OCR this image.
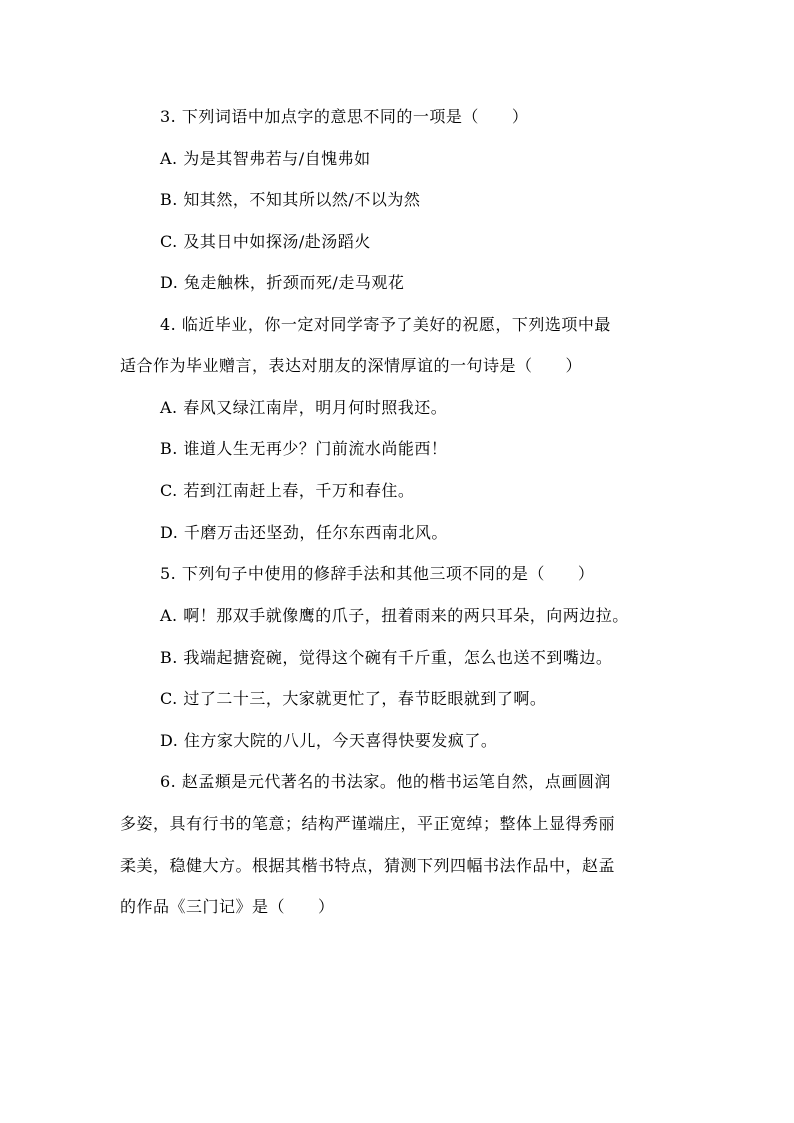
3. 下列词语中加点字的意思不同的一项是（　　）
A. 为是其智弗若与/自愧弗如
B. 知其然，不知其所以然/不以为然
C. 及其日中如探汤/赴汤蹈火
D. 兔走触株，折颈而死/走马观花
4. 临近毕业，你一定对同学寄予了美好的祝愿，下列选项中最
适合作为毕业赠言，表达对朋友的深情厚谊的一句诗是（　　）
A. 春风又绿江南岸，明月何时照我还。
B. 谁道人生无再少？门前流水尚能西！
C. 若到江南赶上春，千万和春住。
D. 千磨万击还坚劲，任尔东西南北风。
5. 下列句子中使用的修辞手法和其他三项不同的是（　　）
A. 啊！那双手就像鹰的爪子，扭着雨来的两只耳朵，向两边拉。
B. 我端起搪瓷碗，觉得这个碗有千斤重，怎么也送不到嘴边。
C. 过了二十三，大家就更忙了，春节眨眼就到了啊。
D. 住方家大院的八儿，今天喜得快要发疯了。
6. 赵孟頫是元代著名的书法家。他的楷书运笔自然，点画圆润
多姿，具有行书的笔意；结构严谨端庄，平正宽绰；整体上显得秀丽
柔美，稳健大方。根据其楷书特点，猜测下列四幅书法作品中，赵孟
的作品《三门记》是（　　）
